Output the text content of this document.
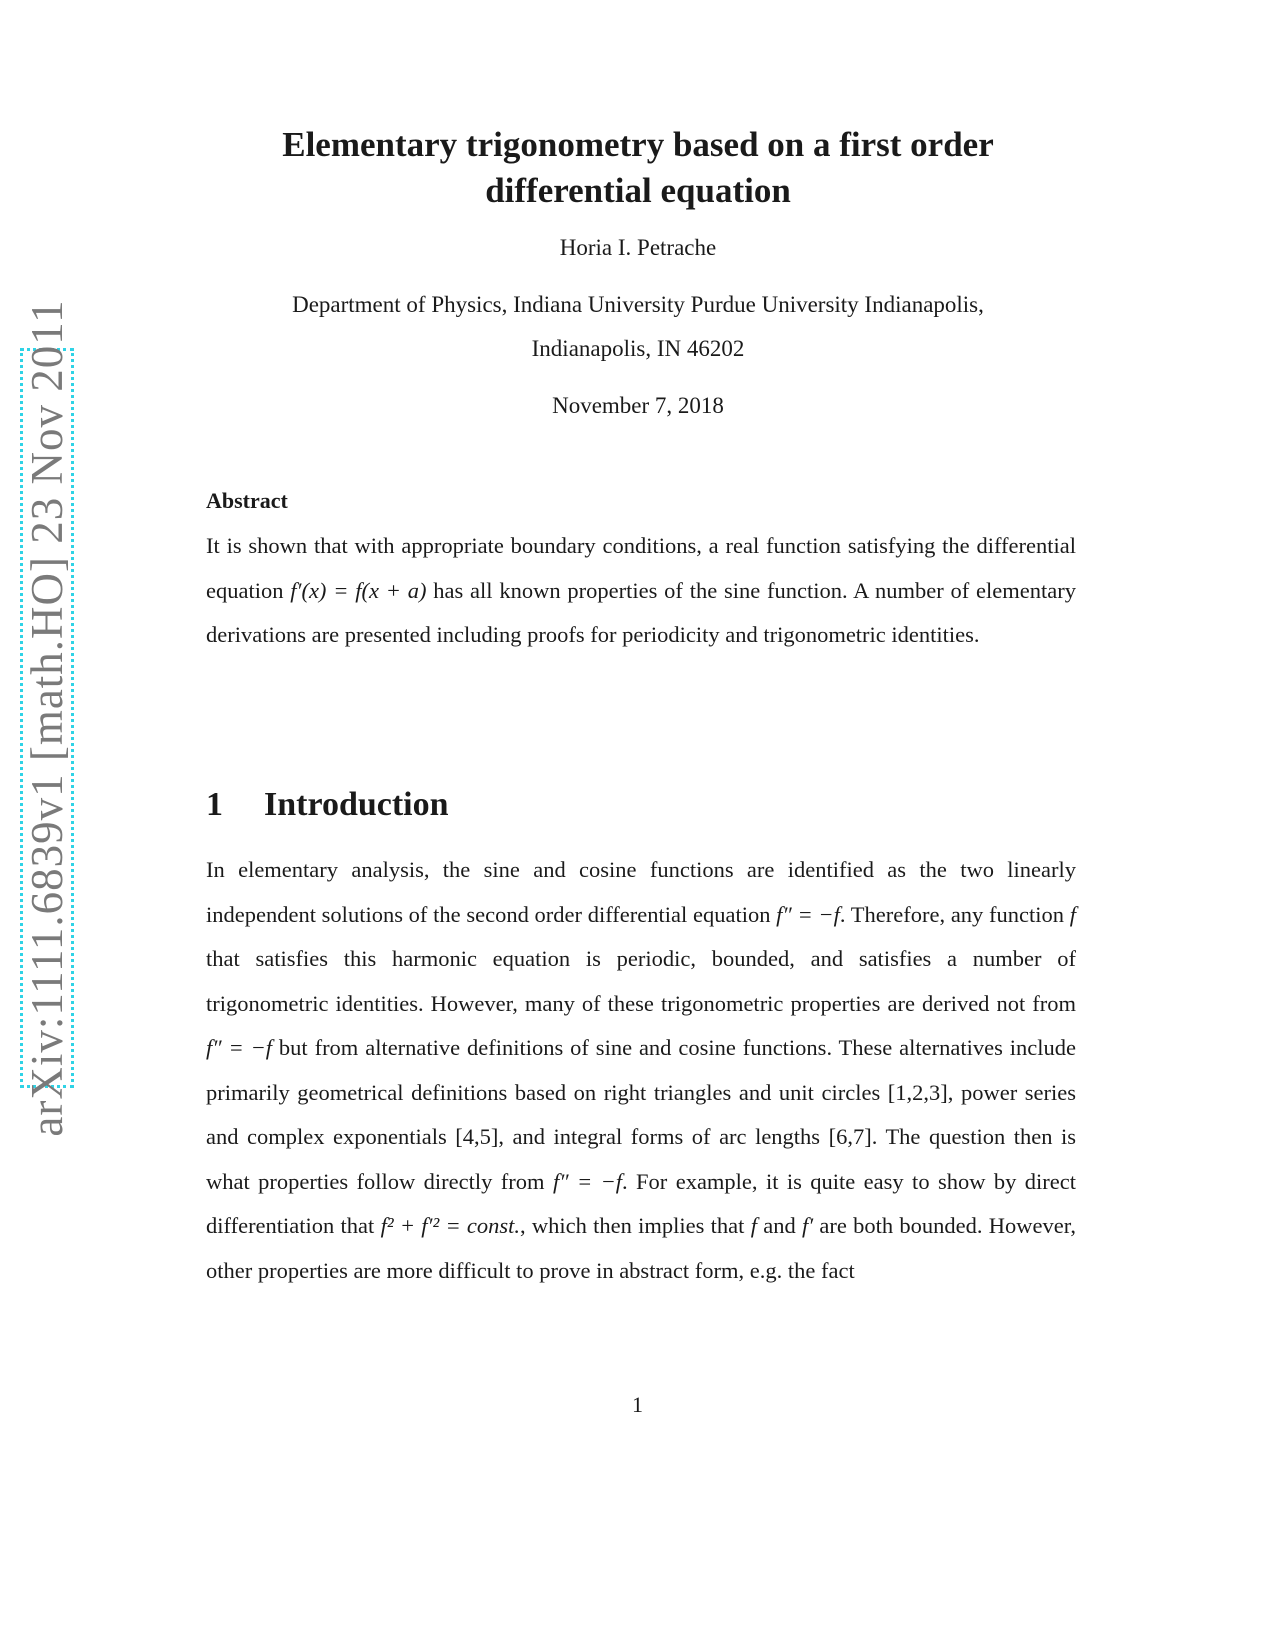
arXiv:1111.6839v1 [math.HO] 23 Nov 2011
Elementary trigonometry based on a first order differential equation
Horia I. Petrache
Department of Physics, Indiana University Purdue University Indianapolis,
Indianapolis, IN 46202
November 7, 2018
Abstract
It is shown that with appropriate boundary conditions, a real function satisfying the differential equation f′(x) = f(x + a) has all known properties of the sine function. A number of elementary derivations are presented including proofs for periodicity and trigonometric identities.
1 Introduction
In elementary analysis, the sine and cosine functions are identified as the two linearly independent solutions of the second order differential equation f″ = −f. Therefore, any function f that satisfies this harmonic equation is periodic, bounded, and satisfies a number of trigonometric identities. However, many of these trigonometric properties are derived not from f″ = −f but from alternative definitions of sine and cosine functions. These alternatives include primarily geometrical definitions based on right triangles and unit circles [1,2,3], power series and complex exponentials [4,5], and integral forms of arc lengths [6,7]. The question then is what properties follow directly from f″ = −f. For example, it is quite easy to show by direct differentiation that f² + f′² = const., which then implies that f and f′ are both bounded. However, other properties are more difficult to prove in abstract form, e.g. the fact
1
